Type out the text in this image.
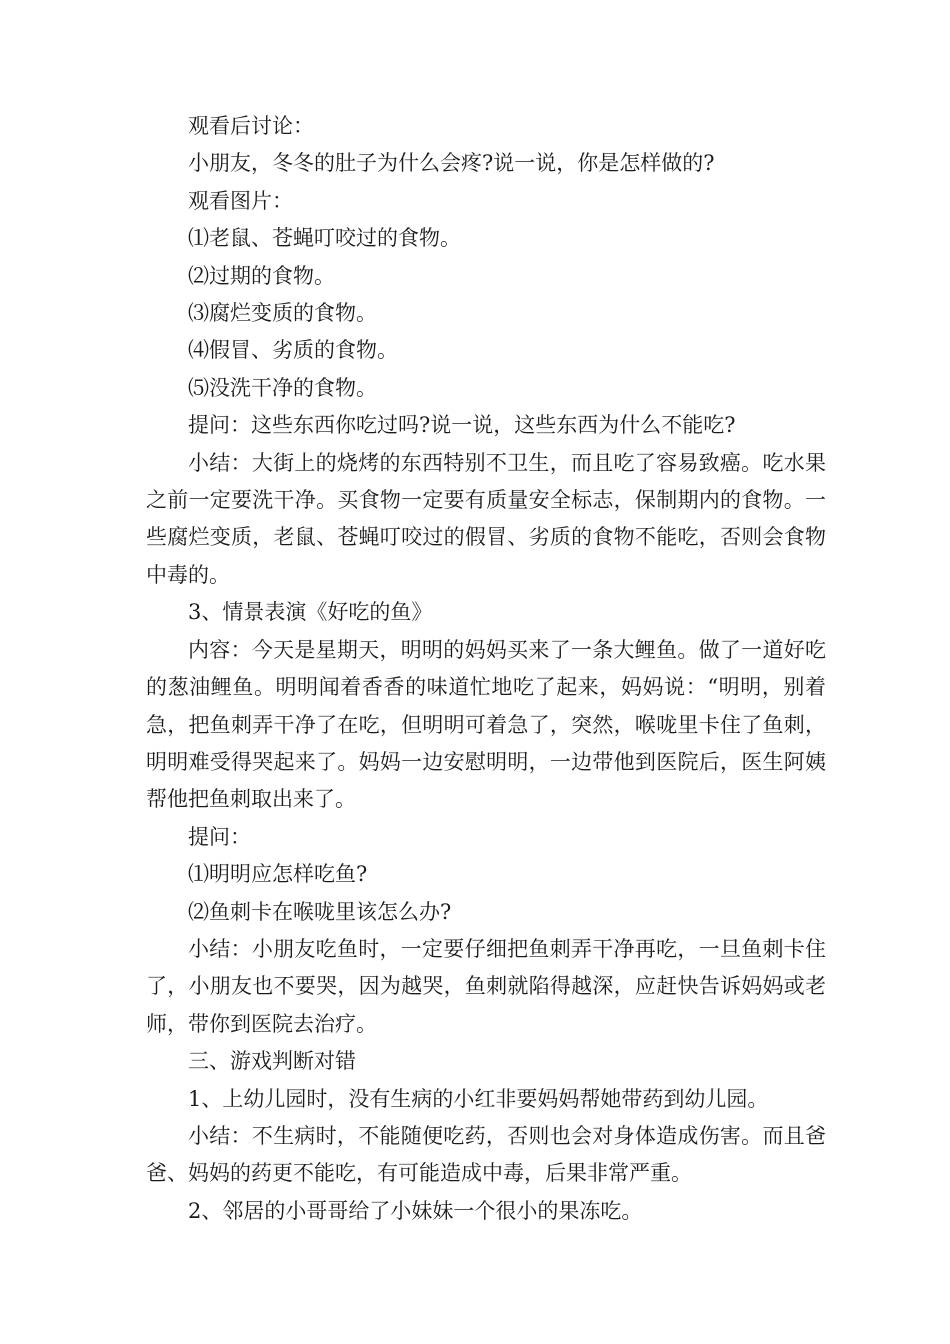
观看后讨论：

小朋友，冬冬的肚子为什么会疼?说一说，你是怎样做的?

观看图片：

⑴老鼠、苍蝇叮咬过的食物。

⑵过期的食物。

⑶腐烂变质的食物。

⑷假冒、劣质的食物。

⑸没洗干净的食物。

提问：这些东西你吃过吗?说一说，这些东西为什么不能吃?

小结：大街上的烧烤的东西特别不卫生，而且吃了容易致癌。吃水果之前一定要洗干净。买食物一定要有质量安全标志，保制期内的食物。一些腐烂变质，老鼠、苍蝇叮咬过的假冒、劣质的食物不能吃，否则会食物中毒的。

3、情景表演《好吃的鱼》

内容：今天是星期天，明明的妈妈买来了一条大鲤鱼。做了一道好吃的葱油鲤鱼。明明闻着香香的味道忙地吃了起来，妈妈说：“明明，别着急，把鱼刺弄干净了在吃，但明明可着急了，突然，喉咙里卡住了鱼刺，明明难受得哭起来了。妈妈一边安慰明明，一边带他到医院后，医生阿姨帮他把鱼刺取出来了。

提问：

⑴明明应怎样吃鱼?

⑵鱼刺卡在喉咙里该怎么办?

小结：小朋友吃鱼时，一定要仔细把鱼刺弄干净再吃，一旦鱼刺卡住了，小朋友也不要哭，因为越哭，鱼刺就陷得越深，应赶快告诉妈妈或老师，带你到医院去治疗。

三、游戏判断对错

1、上幼儿园时，没有生病的小红非要妈妈帮她带药到幼儿园。

小结：不生病时，不能随便吃药，否则也会对身体造成伤害。而且爸爸、妈妈的药更不能吃，有可能造成中毒，后果非常严重。

2、邻居的小哥哥给了小妹妹一个很小的果冻吃。
